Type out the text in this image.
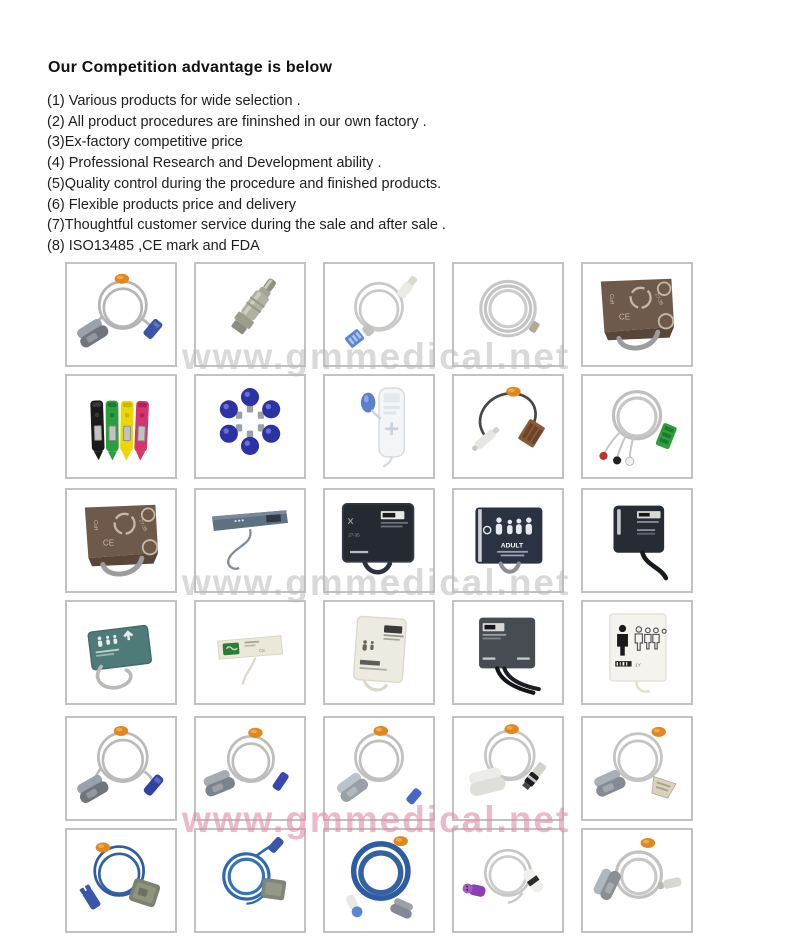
Our Competition advantage is below
(1) Various products for wide selection .
(2) All product procedures are fininshed in our own factory .
(3)Ex-factory competitive price
(4) Professional Research and Development ability .
(5)Quality control during the procedure and finished products.
(6) Flexible products price and delivery
(7)Thoughtful customer service during the sale and after sale .
(8) ISO13485 ,CE mark and FDA
CE
Cuff	27-35
CE
Cuff	27-35
27-35
ADULT
CE
1Y
www.gmmedical.net
www.gmmedical.net
www.gmmedical.net
